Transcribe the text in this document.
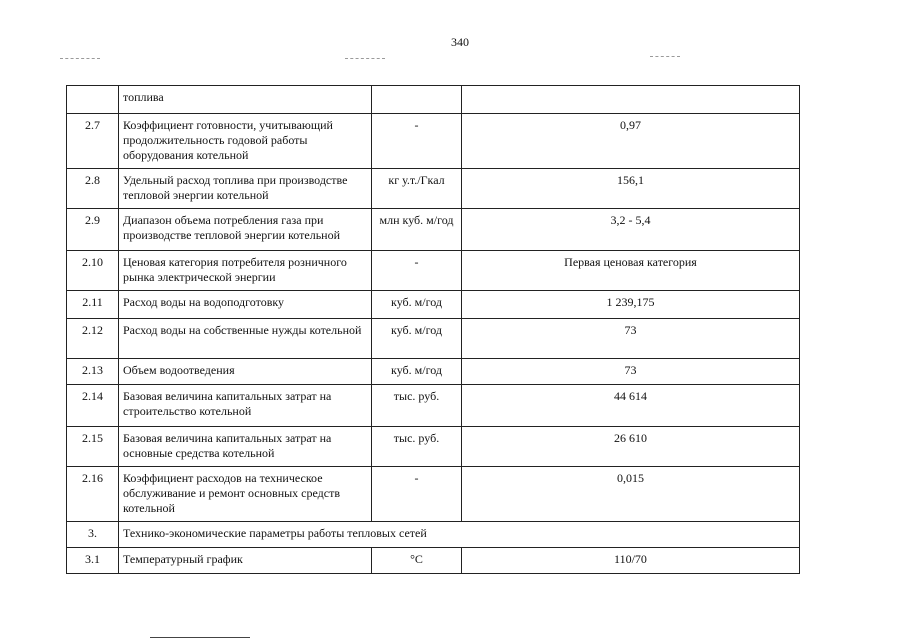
340
	топлива		
2.7	Коэффициент готовности, учитывающий продолжительность годовой работы оборудования котельной	-	0,97
2.8	Удельный расход топлива при производстве тепловой энергии котельной	кг у.т./Гкал	156,1
2.9	Диапазон объема потребления газа при производстве тепловой энергии котельной	млн куб. м/год	3,2 - 5,4
2.10	Ценовая категория потребителя розничного рынка электрической энергии	-	Первая ценовая категория
2.11	Расход воды на водоподготовку	куб. м/год	1 239,175
2.12	Расход воды на собственные нужды котельной	куб. м/год	73
2.13	Объем водоотведения	куб. м/год	73
2.14	Базовая величина капитальных затрат на строительство котельной	тыс. руб.	44 614
2.15	Базовая величина капитальных затрат на основные средства котельной	тыс. руб.	26 610
2.16	Коэффициент расходов на техническое обслуживание и ремонт основных средств котельной	-	0,015
3.	Технико-экономические параметры работы тепловых сетей		
3.1	Температурный график	°С	110/70
